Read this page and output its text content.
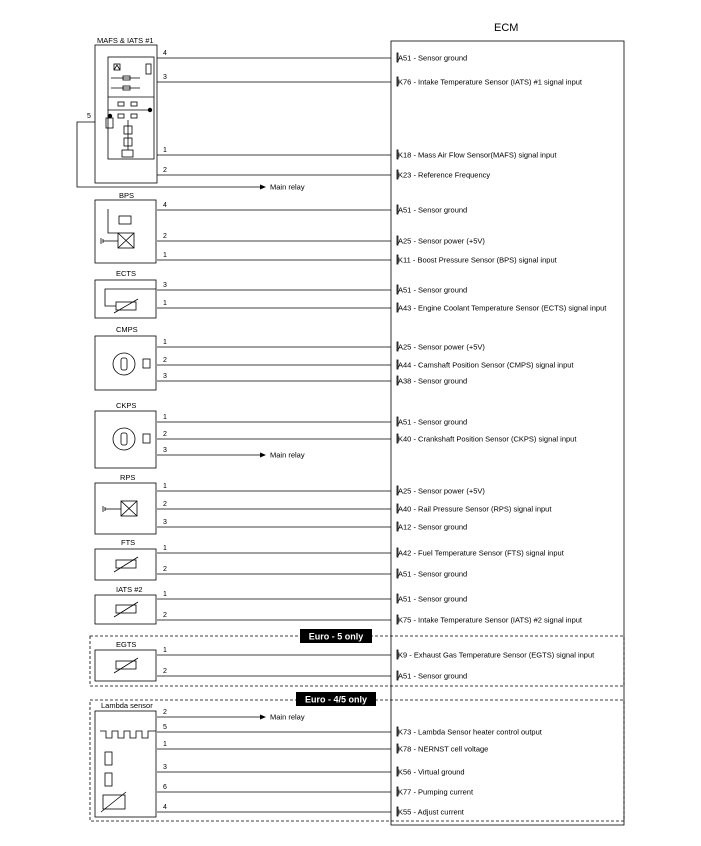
ECM
Euro - 5 only
Euro - 4/5 only
MAFS & IATS #1
5
BPS
ECTS
CMPS
CKPS
RPS
FTS
IATS #2
EGTS
Lambda sensor
4	A51 - Sensor ground
3	K76 - Intake Temperature Sensor (IATS) #1 signal input
1	K18 - Mass Air Flow Sensor(MAFS) signal input
2	K23 - Reference Frequency
4	A51 - Sensor ground
2	A25 - Sensor power (+5V)
1	K11 - Boost Pressure Sensor (BPS) signal input
3	A51 - Sensor ground
1	A43 - Engine Coolant Temperature Sensor (ECTS) signal input
1	A25 - Sensor power (+5V)
2	A44 - Camshaft Position Sensor (CMPS) signal input
3	A38 - Sensor ground
1	A51 - Sensor ground
2	K40 - Crankshaft Position Sensor (CKPS) signal input
1	A25 - Sensor power (+5V)
2	A40 - Rail Pressure Sensor (RPS) signal input
3	A12 - Sensor ground
1	A42 - Fuel Temperature Sensor (FTS) signal input
2	A51 - Sensor ground
1	A51 - Sensor ground
2	K75 - Intake Temperature Sensor (IATS) #2 signal input
1	K9 - Exhaust Gas Temperature Sensor (EGTS) signal input
2	A51 - Sensor ground
5	K73 - Lambda Sensor heater control output
1	K78 - NERNST cell voltage
3	K56 - Virtual ground
6	K77 - Pumping current
4	K55 - Adjust current
Main relay
3	Main relay
2	Main relay
